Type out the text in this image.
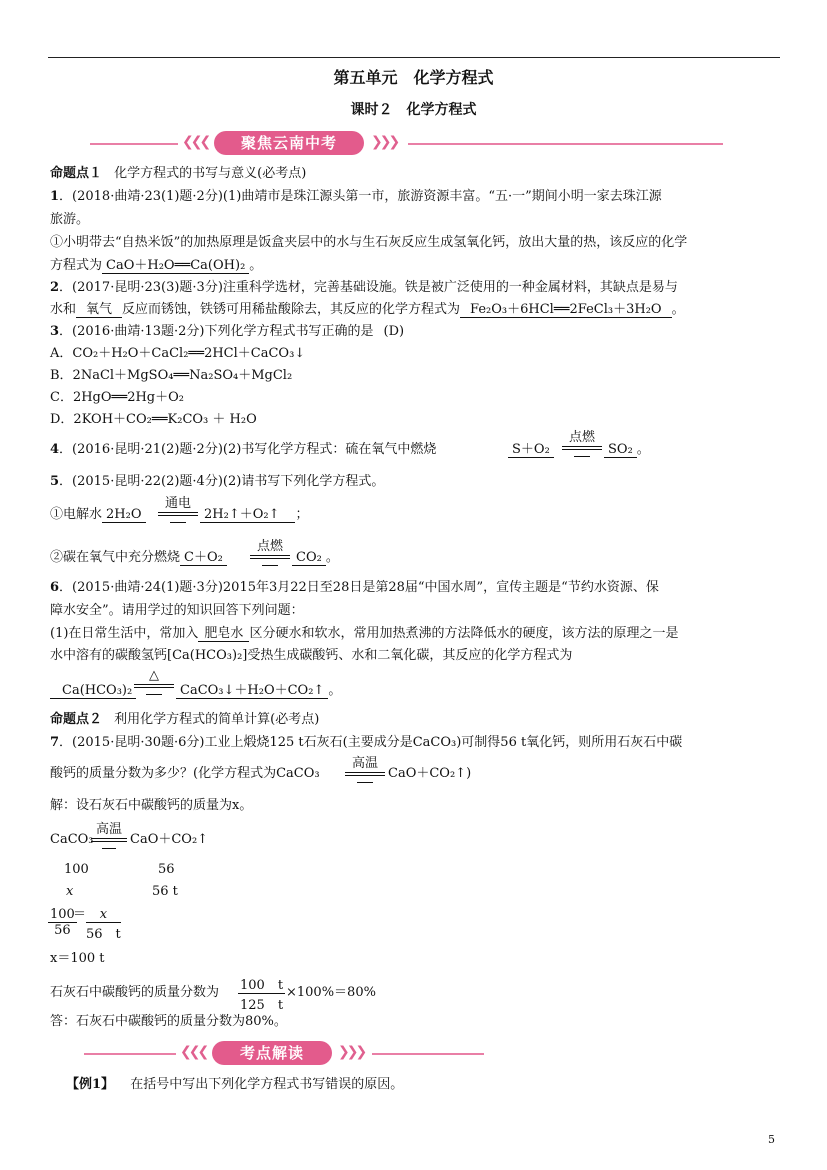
第五单元　化学方程式
课时２　化学方程式
❮❮❮	聚焦云南中考	❯❯❯
命题点１ 化学方程式的书写与意义(必考点)
1．(2018·曲靖·23(1)题·2分)(1)曲靖市是珠江源头第一市，旅游资源丰富。“五·一”期间小明一家去珠江源
旅游。
①小明带去“自热米饭”的加热原理是饭盒夹层中的水与生石灰反应生成氢氧化钙，放出大量的热，该反应的化学
方程式为 CaO＋H₂O══Ca(OH)₂ 。
2．(2017·昆明·23(3)题·3分)注重科学选材，完善基础设施。铁是被广泛使用的一种金属材料，其缺点是易与
水和 氧气 反应而锈蚀，铁锈可用稀盐酸除去，其反应的化学方程式为 Fe₂O₃＋6HCl══2FeCl₃＋3H₂O 。
3．(2016·曲靖·13题·2分)下列化学方程式书写正确的是 (D)
A．CO₂＋H₂O＋CaCl₂══2HCl＋CaCO₃↓
B．2NaCl＋MgSO₄══Na₂SO₄＋MgCl₂
C．2HgO══2Hg＋O₂
D．2KOH＋CO₂══K₂CO₃ ＋ H₂O
4．(2016·昆明·21(2)题·2分)(2)书写化学方程式：硫在氧气中燃烧	S＋O₂
点燃
SO₂ 。
5．(2015·昆明·22(2)题·4分)(2)请书写下列化学方程式。
①电解水 2H₂O
通电
2H₂↑＋O₂↑ ；
②碳在氧气中充分燃烧 C＋O₂
点燃
CO₂ 。
6．(2015·曲靖·24(1)题·3分)2015年3月22日至28日是第28届“中国水周”，宣传主题是“节约水资源、保
障水安全”。请用学过的知识回答下列问题：
(1)在日常生活中，常加入 肥皂水 区分硬水和软水，常用加热煮沸的方法降低水的硬度，该方法的原理之一是
水中溶有的碳酸氢钙[Ca(HCO₃)₂]受热生成碳酸钙、水和二氧化碳，其反应的化学方程式为
Ca(HCO₃)₂
△
CaCO₃↓＋H₂O＋CO₂↑ 。
命题点２ 利用化学方程式的简单计算(必考点)
7．(2015·昆明·30题·6分)工业上煅烧125 t石灰石(主要成分是CaCO₃)可制得56 t氧化钙，则所用石灰石中碳
酸钙的质量分数为多少？(化学方程式为CaCO₃
高温
CaO＋CO₂↑)
解：设石灰石中碳酸钙的质量为x。
CaCO₃
高温
CaO＋CO₂↑
100	56
x	56 t
$\frac{100}{56}$
＝ $\frac{x}{56 t}$
x＝100 t
石灰石中碳酸钙的质量分数为 $\frac{100 t}{125 t} \times 100\%=80\%$
答：石灰石中碳酸钙的质量分数为80%。
❮❮❮	考点解读	❯❯❯
【例1】 在括号中写出下列化学方程式书写错误的原因。
5
